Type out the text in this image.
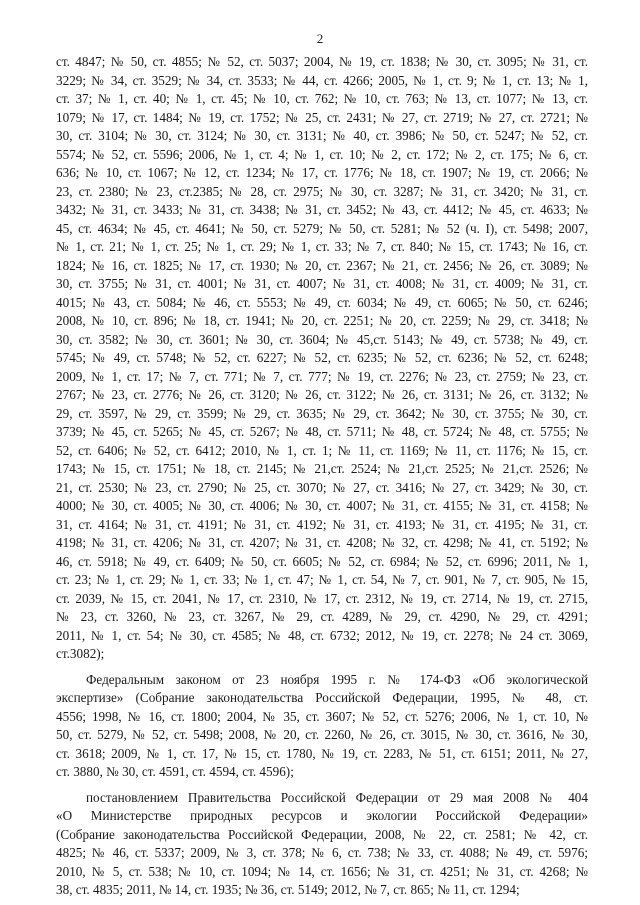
2
ст. 4847; № 50, ст. 4855; № 52, ст. 5037; 2004, № 19, ст. 1838; № 30, ст. 3095; № 31, ст.
3229; № 34, ст. 3529; № 34, ст. 3533; № 44, ст. 4266; 2005, № 1, ст. 9; № 1, ст. 13; № 1,
ст. 37; № 1, ст. 40; № 1, ст. 45; № 10, ст. 762; № 10, ст. 763; № 13, ст. 1077; № 13, ст.
1079; № 17, ст. 1484; № 19, ст. 1752; № 25, ст. 2431; № 27, ст. 2719; № 27, ст. 2721; №
30, ст. 3104; № 30, ст. 3124; № 30, ст. 3131; № 40, ст. 3986; № 50, ст. 5247; № 52, ст.
5574; № 52, ст. 5596; 2006, № 1, ст. 4; № 1, ст. 10; № 2, ст. 172; № 2, ст. 175; № 6, ст.
636; № 10, ст. 1067; № 12, ст. 1234; № 17, ст. 1776; № 18, ст. 1907; № 19, ст. 2066; №
23, ст. 2380; № 23, ст.2385; № 28, ст. 2975; № 30, ст. 3287; № 31, ст. 3420; № 31, ст.
3432; № 31, ст. 3433; № 31, ст. 3438; № 31, ст. 3452; № 43, ст. 4412; № 45, ст. 4633; №
45, ст. 4634; № 45, ст. 4641; № 50, ст. 5279; № 50, ст. 5281; № 52 (ч. I), ст. 5498; 2007,
№ 1, ст. 21; № 1, ст. 25; № 1, ст. 29; № 1, ст. 33; № 7, ст. 840; № 15, ст. 1743; № 16, ст.
1824; № 16, ст. 1825; № 17, ст. 1930; № 20, ст. 2367; № 21, ст. 2456; № 26, ст. 3089; №
30, ст. 3755; № 31, ст. 4001; № 31, ст. 4007; № 31, ст. 4008; № 31, ст. 4009; № 31, ст.
4015; № 43, ст. 5084; № 46, ст. 5553; № 49, ст. 6034; № 49, ст. 6065; № 50, ст. 6246;
2008, № 10, ст. 896; № 18, ст. 1941; № 20, ст. 2251; № 20, ст. 2259; № 29, ст. 3418; №
30, ст. 3582; № 30, ст. 3601; № 30, ст. 3604; № 45,ст. 5143; № 49, ст. 5738; № 49, ст.
5745; № 49, ст. 5748; № 52, ст. 6227; № 52, ст. 6235; № 52, ст. 6236; № 52, ст. 6248;
2009, № 1, ст. 17; № 7, ст. 771; № 7, ст. 777; № 19, ст. 2276; № 23, ст. 2759; № 23, ст.
2767; № 23, ст. 2776; № 26, ст. 3120; № 26, ст. 3122; № 26, ст. 3131; № 26, ст. 3132; №
29, ст. 3597, № 29, ст. 3599; № 29, ст. 3635; № 29, ст. 3642; № 30, ст. 3755; № 30, ст.
3739; № 45, ст. 5265; № 45, ст. 5267; № 48, ст. 5711; № 48, ст. 5724; № 48, ст. 5755; №
52, ст. 6406; № 52, ст. 6412; 2010, № 1, ст. 1; № 11, ст. 1169; № 11, ст. 1176; № 15, ст.
1743; № 15, ст. 1751; № 18, ст. 2145; № 21,ст. 2524; № 21,ст. 2525; № 21,ст. 2526; №
21, ст. 2530; № 23, ст. 2790; № 25, ст. 3070; № 27, ст. 3416; № 27, ст. 3429; № 30, ст.
4000; № 30, ст. 4005; № 30, ст. 4006; № 30, ст. 4007; № 31, ст. 4155; № 31, ст. 4158; №
31, ст. 4164; № 31, ст. 4191; № 31, ст. 4192; № 31, ст. 4193; № 31, ст. 4195; № 31, ст.
4198; № 31, ст. 4206; № 31, ст. 4207; № 31, ст. 4208; № 32, ст. 4298; № 41, ст. 5192; №
46, ст. 5918; № 49, ст. 6409; № 50, ст. 6605; № 52, ст. 6984; № 52, ст. 6996; 2011, № 1,
ст. 23; № 1, ст. 29; № 1, ст. 33; № 1, ст. 47; № 1, ст. 54, № 7, ст. 901, № 7, ст. 905, № 15,
ст. 2039, № 15, ст. 2041, № 17, ст. 2310, № 17, ст. 2312, № 19, ст. 2714, № 19, ст. 2715,
№ 23, ст. 3260, № 23, ст. 3267, № 29, ст. 4289, № 29, ст. 4290, № 29, ст. 4291;
2011, № 1, ст. 54; № 30, ст. 4585; № 48, ст. 6732; 2012, № 19, ст. 2278; № 24 ст. 3069,
ст.3082);
Федеральным законом от 23 ноября 1995 г. № 174-ФЗ «Об экологической
экспертизе» (Собрание законодательства Российской Федерации, 1995, № 48, ст.
4556; 1998, № 16, ст. 1800; 2004, № 35, ст. 3607; № 52, ст. 5276; 2006, № 1, ст. 10, №
50, ст. 5279, № 52, ст. 5498; 2008, № 20, ст. 2260, № 26, ст. 3015, № 30, ст. 3616, № 30,
ст. 3618; 2009, № 1, ст. 17, № 15, ст. 1780, № 19, ст. 2283, № 51, ст. 6151; 2011, № 27,
ст. 3880, № 30, ст. 4591, ст. 4594, ст. 4596);
постановлением Правительства Российской Федерации от 29 мая 2008 № 404
«О Министерстве природных ресурсов и экологии Российской Федерации»
(Собрание законодательства Российской Федерации, 2008, № 22, ст. 2581; № 42, ст.
4825; № 46, ст. 5337; 2009, № 3, ст. 378; № 6, ст. 738; № 33, ст. 4088; № 49, ст. 5976;
2010, № 5, ст. 538; № 10, ст. 1094; № 14, ст. 1656; № 31, ст. 4251; № 31, ст. 4268; №
38, ст. 4835; 2011, № 14, ст. 1935; № 36, ст. 5149; 2012, № 7, ст. 865; № 11, ст. 1294;
